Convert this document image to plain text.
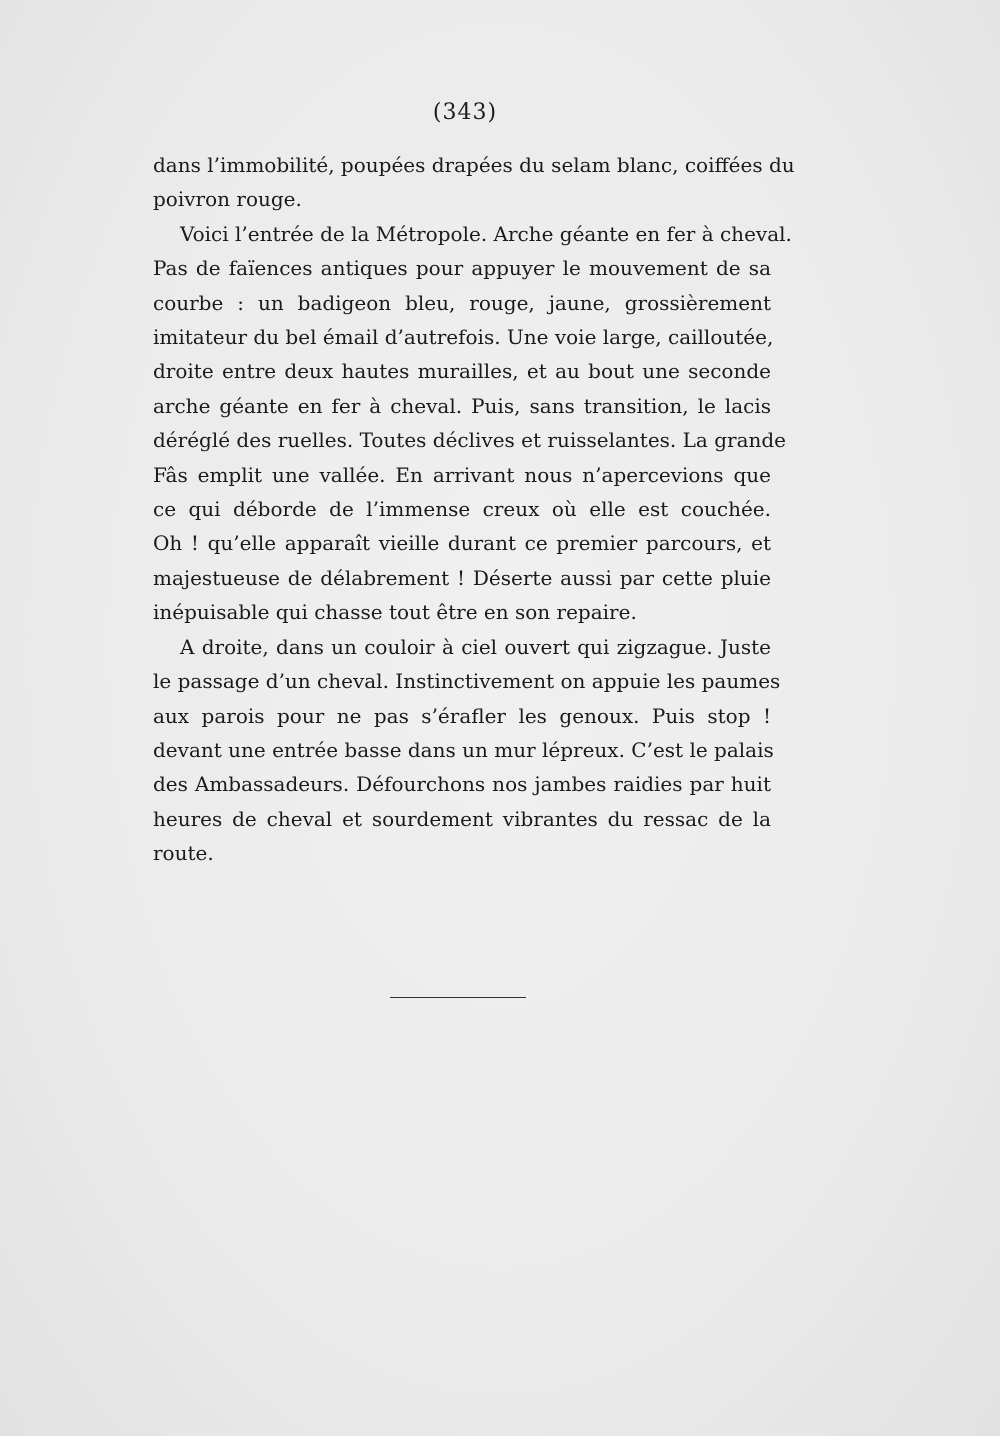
(343)
dans l’immobilité, poupées drapées du selam blanc, coiffées du
poivron rouge.
Voici l’entrée de la Métropole. Arche géante en fer à cheval.
Pas de faïences antiques pour appuyer le mouvement de sa
courbe : un badigeon bleu, rouge, jaune, grossièrement
imitateur du bel émail d’autrefois. Une voie large, cailloutée,
droite entre deux hautes murailles, et au bout une seconde
arche géante en fer à cheval. Puis, sans transition, le lacis
déréglé des ruelles. Toutes déclives et ruisselantes. La grande
Fâs emplit une vallée. En arrivant nous n’apercevions que
ce qui déborde de l’immense creux où elle est couchée.
Oh ! qu’elle apparaît vieille durant ce premier parcours, et
majestueuse de délabrement ! Déserte aussi par cette pluie
inépuisable qui chasse tout être en son repaire.
A droite, dans un couloir à ciel ouvert qui zigzague. Juste
le passage d’un cheval. Instinctivement on appuie les paumes
aux parois pour ne pas s’érafler les genoux. Puis stop !
devant une entrée basse dans un mur lépreux. C’est le palais
des Ambassadeurs. Défourchons nos jambes raidies par huit
heures de cheval et sourdement vibrantes du ressac de la
route.
